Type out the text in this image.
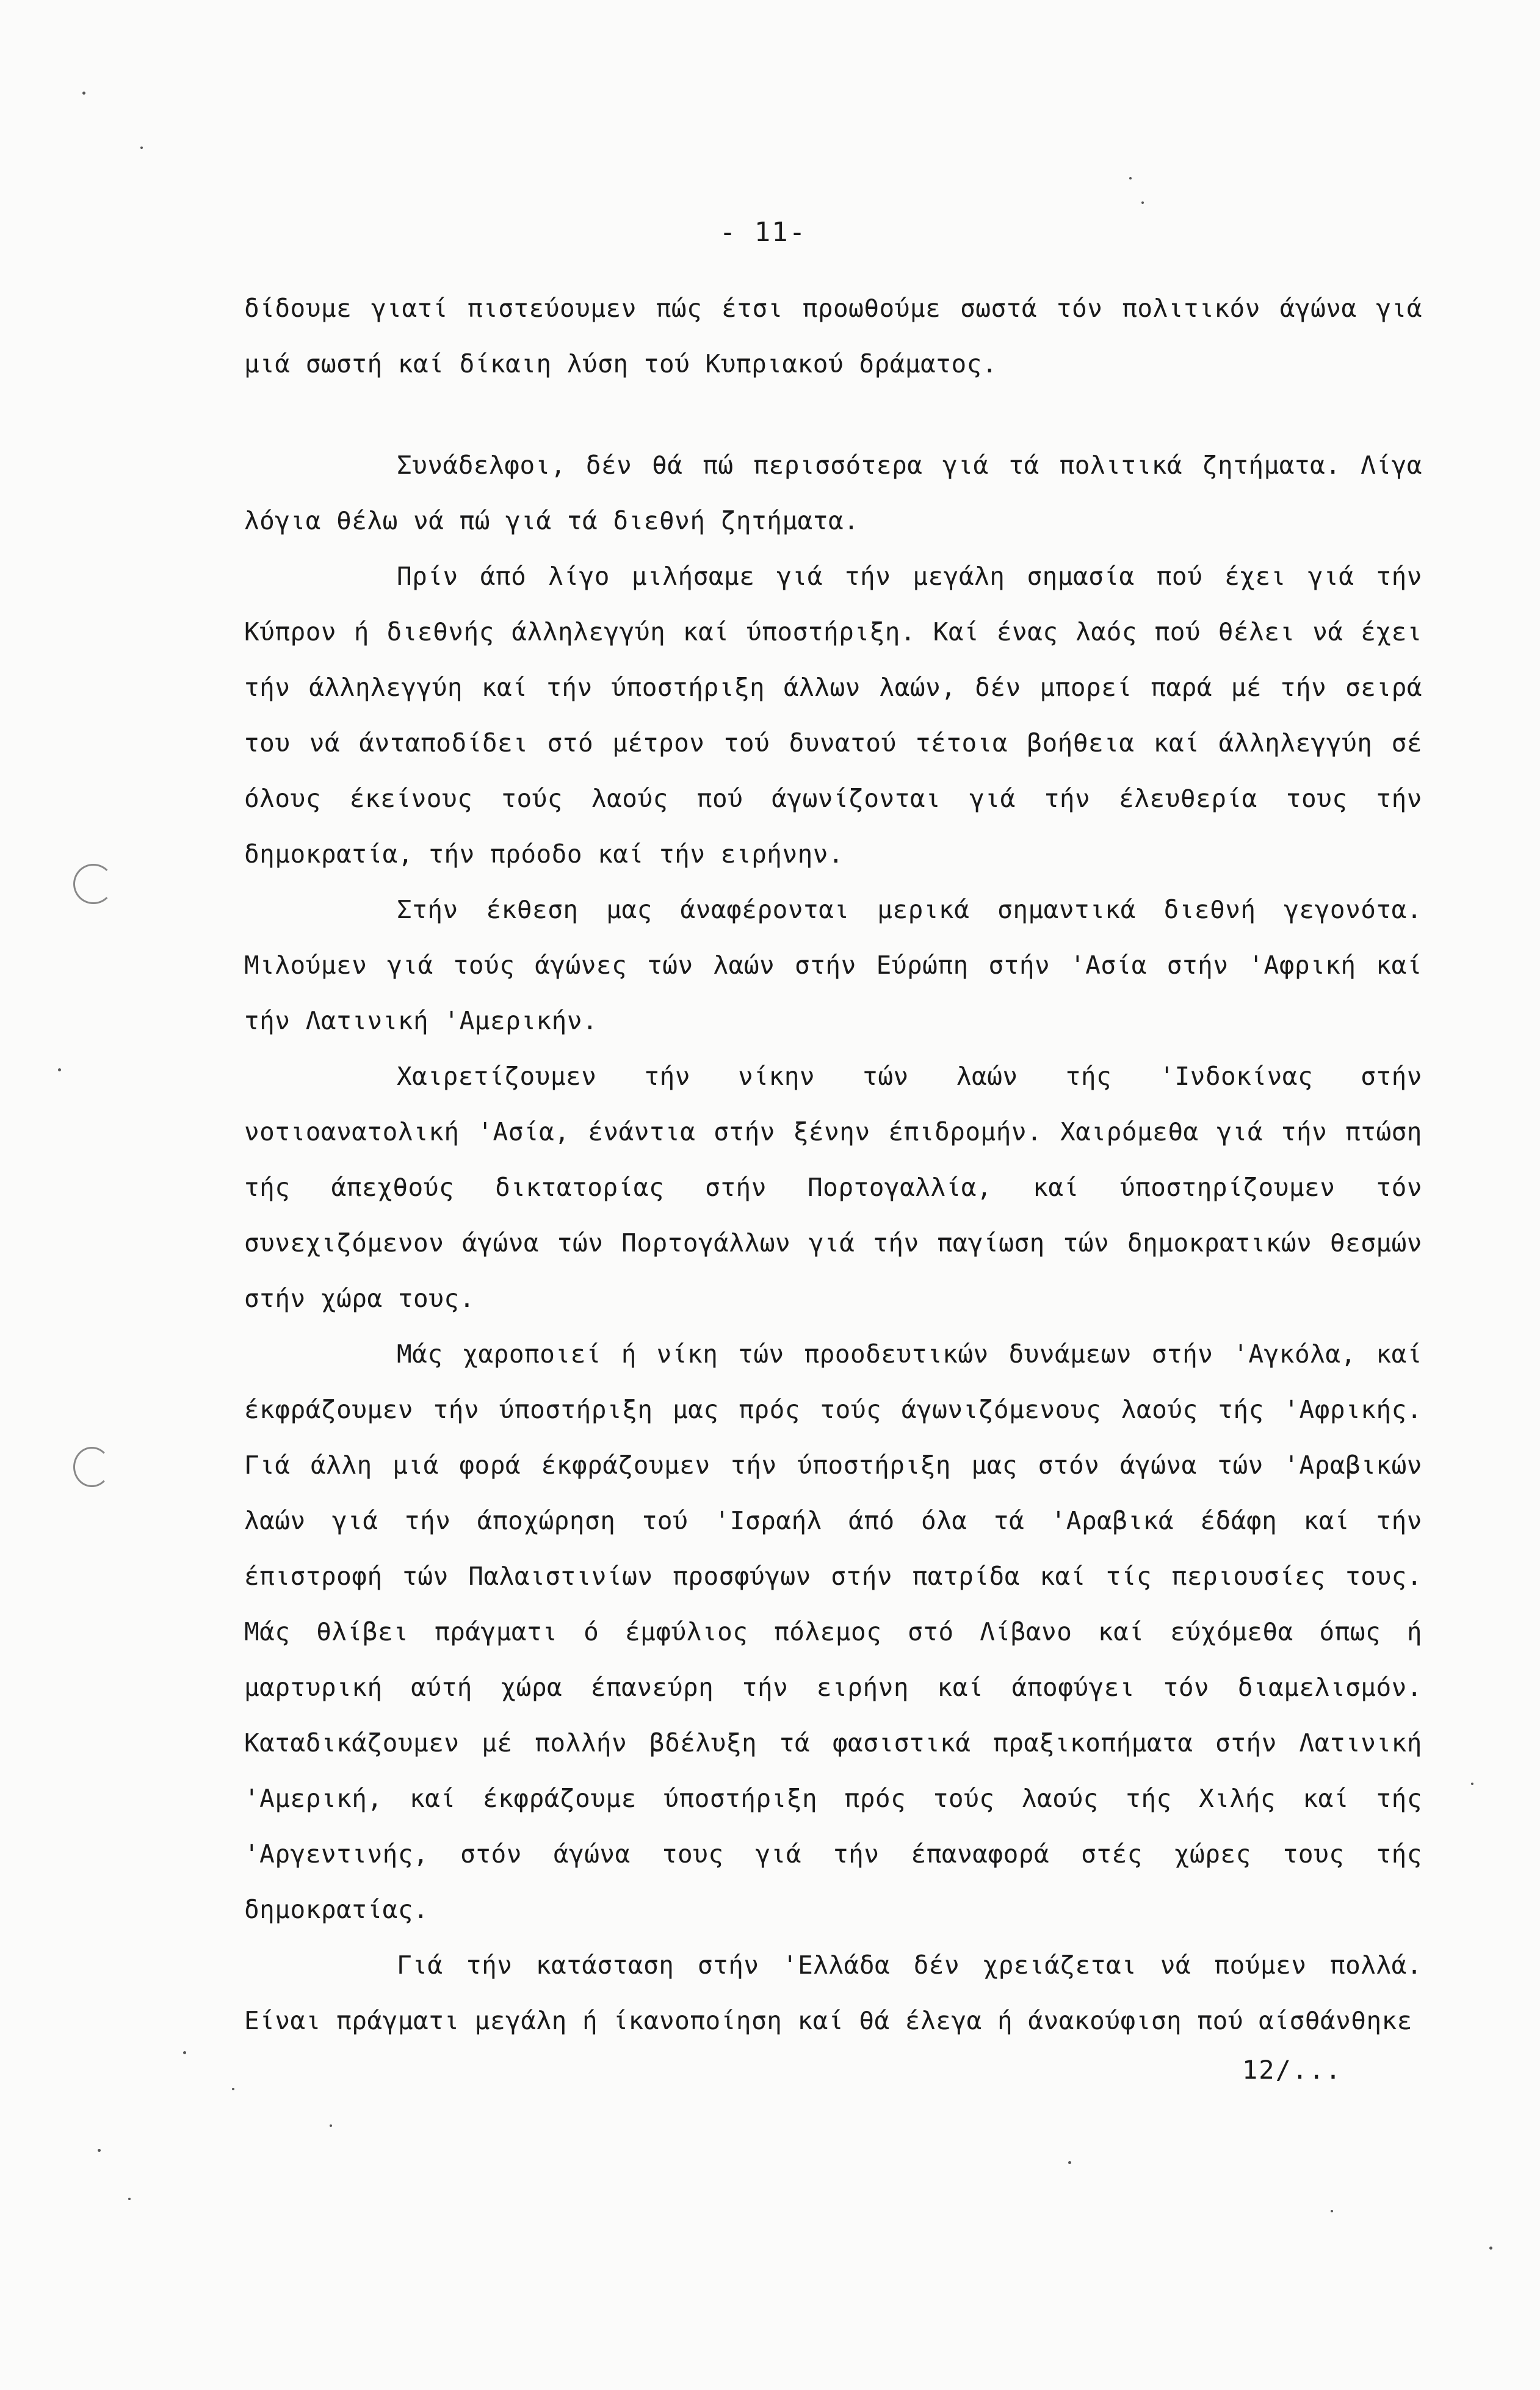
- 11-

δίδουμε γιατί πιστεύουμεν πώς έτσι προωθούμε σωστά τόν πολιτικόν άγώνα γιά μιά σωστή καί δίκαιη λύση τού Κυπριακού δράματος.

Συνάδελφοι, δέν θά πώ περισσότερα γιά τά πολιτικά ζητήματα. Λίγα λόγια θέλω νά πώ γιά τά διεθνή ζητήματα.

Πρίν άπό λίγο μιλήσαμε γιά τήν μεγάλη σημασία πού έχει γιά τήν Κύπρον ή διεθνής άλληλεγγύη καί ύποστήριξη. Καί ένας λαός πού θέλει νά έχει τήν άλληλεγγύη καί τήν ύποστήριξη άλλων λαών, δέν μπορεί παρά μέ τήν σειρά του νά άνταποδίδει στό μέτρον τού δυνατού τέτοια βοήθεια καί άλληλεγγύη σέ όλους έκείνους τούς λαούς πού άγωνίζονται γιά τήν έλευθερία τους τήν δημοκρατία, τήν πρόοδο καί τήν ειρήνην.

Στήν έκθεση μας άναφέρονται μερικά σημαντικά διεθνή γεγονότα. Μιλούμεν γιά τούς άγώνες τών λαών στήν Εύρώπη στήν 'Ασία στήν 'Αφρική καί τήν Λατινική 'Αμερικήν.

Χαιρετίζουμεν τήν νίκην τών λαών τής 'Ινδοκίνας στήν νοτιοανατολική 'Ασία, ένάντια στήν ξένην έπιδρομήν. Χαιρόμεθα γιά τήν πτώση τής άπεχθούς δικτατορίας στήν Πορτογαλλία, καί ύποστηρίζουμεν τόν συνεχιζόμενον άγώνα τών Πορτογάλλων γιά τήν παγίωση τών δημοκρατικών θεσμών στήν χώρα τους.

Μάς χαροποιεί ή νίκη τών προοδευτικών δυνάμεων στήν 'Αγκόλα, καί έκφράζουμεν τήν ύποστήριξη μας πρός τούς άγωνιζόμενους λαούς τής 'Αφρικής. Γιά άλλη μιά φορά έκφράζουμεν τήν ύποστήριξη μας στόν άγώνα τών 'Αραβικών λαών γιά τήν άποχώρηση τού 'Ισραήλ άπό όλα τά 'Αραβικά έδάφη καί τήν έπιστροφή τών Παλαιστινίων προσφύγων στήν πατρίδα καί τίς περιουσίες τους. Μάς θλίβει πράγματι ό έμφύλιος πόλεμος στό Λίβανο καί εύχόμεθα όπως ή μαρτυρική αύτή χώρα έπανεύρη τήν ειρήνη καί άποφύγει τόν διαμελισμόν. Καταδικάζουμεν μέ πολλήν βδέλυξη τά φασιστικά πραξικοπήματα στήν Λατινική 'Αμερική, καί έκφράζουμε ύποστήριξη πρός τούς λαούς τής Χιλής καί τής 'Αργεντινής, στόν άγώνα τους γιά τήν έπαναφορά στές χώρες τους τής δημοκρατίας.

Γιά τήν κατάσταση στήν 'Ελλάδα δέν χρειάζεται νά πούμεν πολλά. Είναι πράγματι μεγάλη ή ίκανοποίηση καί θά έλεγα ή άνακούφιση πού αίσθάνθηκε

12/...
